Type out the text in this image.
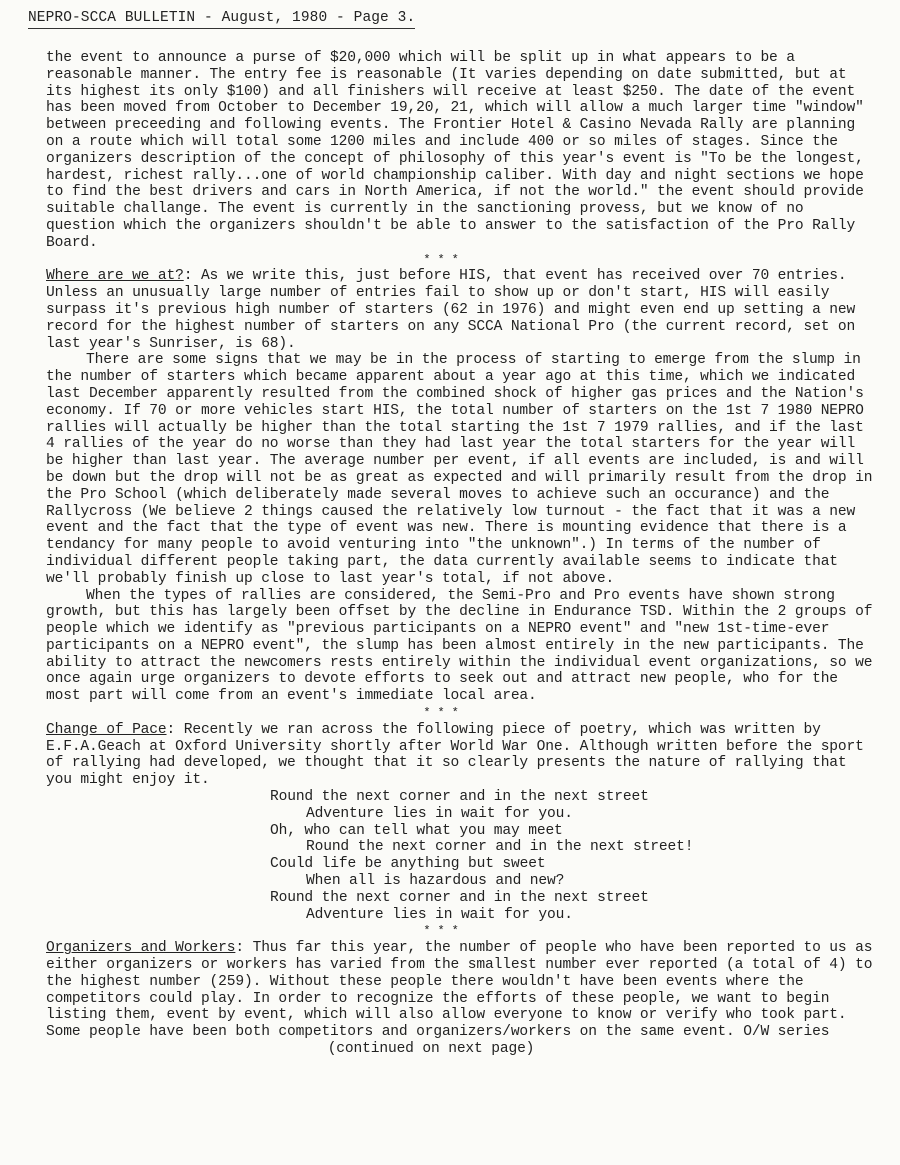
NEPRO-SCCA BULLETIN - August, 1980 - Page 3.

the event to announce a purse of $20,000 which will be split up in what appears to be a reasonable manner. The entry fee is reasonable (It varies depending on date submitted, but at its highest its only $100) and all finishers will receive at least $250. The date of the event has been moved from October to December 19,20, 21, which will allow a much larger time "window" between preceeding and following events. The Frontier Hotel & Casino Nevada Rally are planning on a route which will total some 1200 miles and include 400 or so miles of stages. Since the organizers description of the concept of philosophy of this year's event is "To be the longest, hardest, richest rally...one of world championship caliber. With day and night sections we hope to find the best drivers and cars in North America, if not the world." the event should provide suitable challange. The event is currently in the sanctioning provess, but we know of no question which the organizers shouldn't be able to answer to the satisfaction of the Pro Rally Board.

* * *

Where are we at?: As we write this, just before HIS, that event has received over 70 entries. Unless an unusually large number of entries fail to show up or don't start, HIS will easily surpass it's previous high number of starters (62 in 1976) and might even end up setting a new record for the highest number of starters on any SCCA National Pro (the current record, set on last year's Sunriser, is 68).

There are some signs that we may be in the process of starting to emerge from the slump in the number of starters which became apparent about a year ago at this time, which we indicated last December apparently resulted from the combined shock of higher gas prices and the Nation's economy. If 70 or more vehicles start HIS, the total number of starters on the 1st 7 1980 NEPRO rallies will actually be higher than the total starting the 1st 7 1979 rallies, and if the last 4 rallies of the year do no worse than they had last year the total starters for the year will be higher than last year. The average number per event, if all events are included, is and will be down but the drop will not be as great as expected and will primarily result from the drop in the Pro School (which deliberately made several moves to achieve such an occurance) and the Rallycross (We believe 2 things caused the relatively low turnout - the fact that it was a new event and the fact that the type of event was new. There is mounting evidence that there is a tendancy for many people to avoid venturing into "the unknown".) In terms of the number of individual different people taking part, the data currently available seems to indicate that we'll probably finish up close to last year's total, if not above.

When the types of rallies are considered, the Semi-Pro and Pro events have shown strong growth, but this has largely been offset by the decline in Endurance TSD. Within the 2 groups of people which we identify as "previous participants on a NEPRO event" and "new 1st-time-ever participants on a NEPRO event", the slump has been almost entirely in the new participants. The ability to attract the newcomers rests entirely within the individual event organizations, so we once again urge organizers to devote efforts to seek out and attract new people, who for the most part will come from an event's immediate local area.

* * *

Change of Pace: Recently we ran across the following piece of poetry, which was written by E.F.A.Geach at Oxford University shortly after World War One. Although written before the sport of rallying had developed, we thought that it so clearly presents the nature of rallying that you might enjoy it.

Round the next corner and in the next street
Adventure lies in wait for you.
Oh, who can tell what you may meet
Round the next corner and in the next street!
Could life be anything but sweet
When all is hazardous and new?
Round the next corner and in the next street
Adventure lies in wait for you.
* * *

Organizers and Workers: Thus far this year, the number of people who have been reported to us as either organizers or workers has varied from the smallest number ever reported (a total of 4) to the highest number (259). Without these people there wouldn't have been events where the competitors could play. In order to recognize the efforts of these people, we want to begin listing them, event by event, which will also allow everyone to know or verify who took part. Some people have been both competitors and organizers/workers on the same event. O/W series

(continued on next page)
